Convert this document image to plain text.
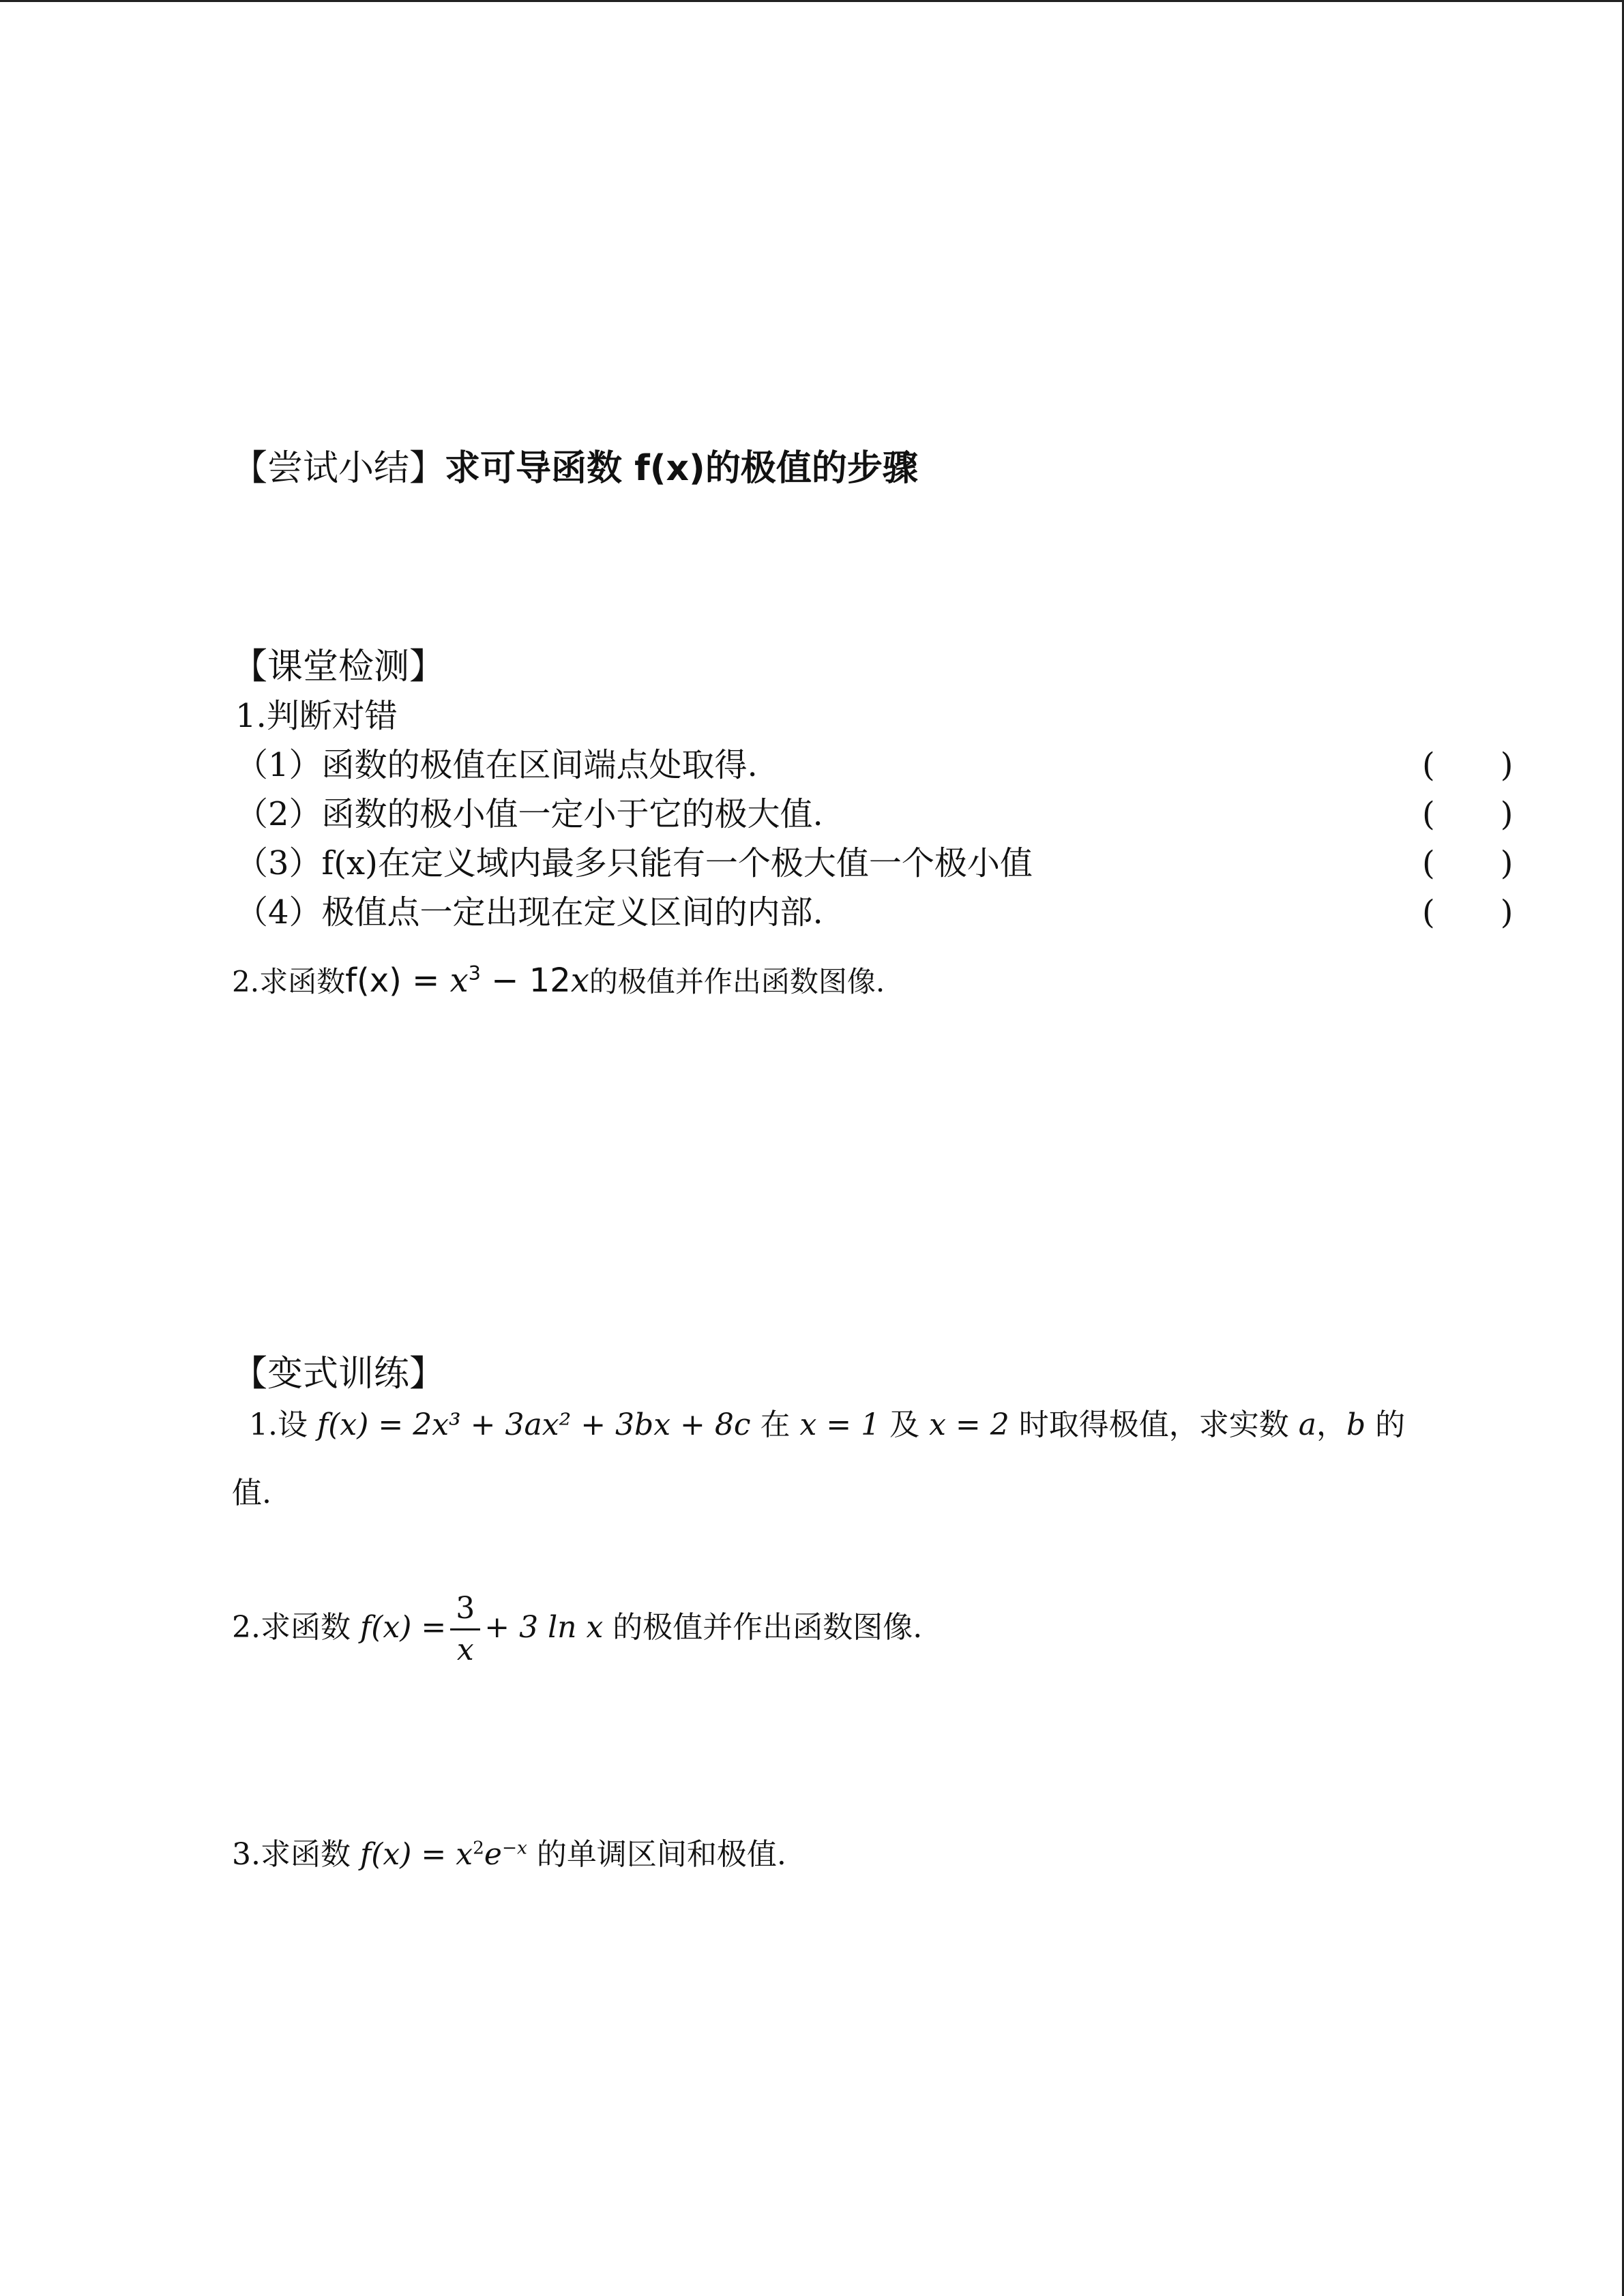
【尝试小结】求可导函数 f(x)的极值的步骤
【课堂检测】
1.判断对错
（1）函数的极值在区间端点处取得.	(　　)
（2）函数的极小值一定小于它的极大值.	(　　)
（3）f(x)在定义域内最多只能有一个极大值一个极小值	(　　)
（4）极值点一定出现在定义区间的内部.	(　　)
2.求函数$f(x) = x^3 - 12x$的极值并作出函数图像.
【变式训练】
1.设 f(x) = 2x³ + 3ax² + 3bx + 8c 在 x = 1 及 x = 2 时取得极值，求实数 a，b 的
值.
2.求函数 $f(x) = \frac{3}{x} + 3$ ln x 的极值并作出函数图像.
3.求函数 $f(x) = x^2e^{-x}$ 的单调区间和极值.
